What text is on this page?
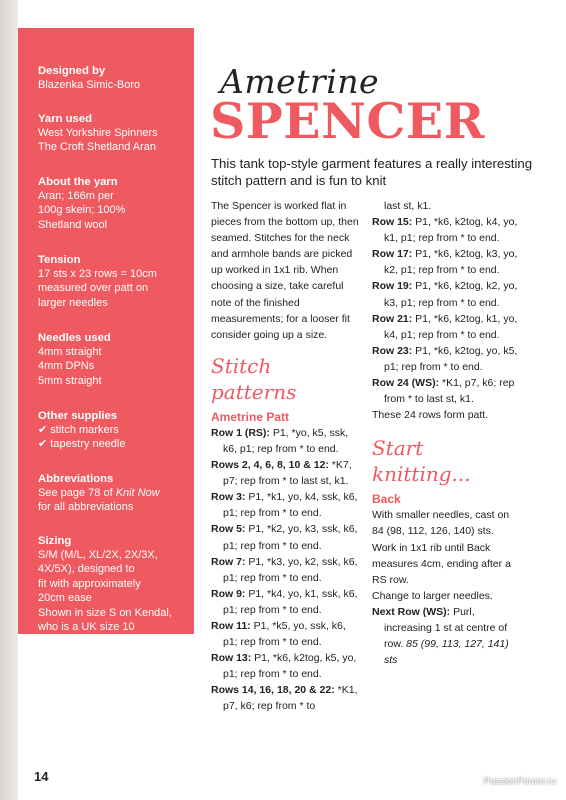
Designed by
Blazenka Simic-Boro
Yarn used
West Yorkshire Spinners
The Croft Shetland Aran
About the yarn
Aran; 166m per
100g skein; 100%
Shetland wool
Tension
17 sts x 23 rows = 10cm
measured over patt on
larger needles
Needles used
4mm straight
4mm DPNs
5mm straight
Other supplies
✔ stitch markers
✔ tapestry needle
Abbreviations
See page 78 of Knit Now
for all abbreviations
Sizing
S/M (M/L, XL/2X, 2X/3X,
4X/5X), designed to
fit with approximately
20cm ease
Shown in size S on Kendal,
who is a UK size 10
Ametrine
SPENCER
This tank top-style garment features a really interesting stitch pattern and is fun to knit
The Spencer is worked flat in pieces from the bottom up, then seamed. Stitches for the neck and armhole bands are picked up worked in 1x1 rib. When choosing a size, take careful note of the finished measurements; for a looser fit consider going up a size.
Stitch patterns
Ametrine Patt
Row 1 (RS): P1, *yo, k5, ssk, k6, p1; rep from * to end.
Rows 2, 4, 6, 8, 10 & 12: *K7, p7; rep from * to last st, k1.
Row 3: P1, *k1, yo, k4, ssk, k6, p1; rep from * to end.
Row 5: P1, *k2, yo, k3, ssk, k6, p1; rep from * to end.
Row 7: P1, *k3, yo, k2, ssk, k6, p1; rep from * to end.
Row 9: P1, *k4, yo, k1, ssk, k6, p1; rep from * to end.
Row 11: P1, *k5, yo, ssk, k6, p1; rep from * to end.
Row 13: P1, *k6, k2tog, k5, yo, p1; rep from * to end.
Rows 14, 16, 18, 20 & 22: *K1, p7, k6; rep from * to
last st, k1.
Row 15: P1, *k6, k2tog, k4, yo, k1, p1; rep from * to end.
Row 17: P1, *k6, k2tog, k3, yo, k2, p1; rep from * to end.
Row 19: P1, *k6, k2tog, k2, yo, k3, p1; rep from * to end.
Row 21: P1, *k6, k2tog, k1, yo, k4, p1; rep from * to end.
Row 23: P1, *k6, k2tog, yo, k5, p1; rep from * to end.
Row 24 (WS): *K1, p7, k6; rep from * to last st, k1.
These 24 rows form patt.
Start knitting...
Back
With smaller needles, cast on 84 (98, 112, 126, 140) sts.
Work in 1x1 rib until Back measures 4cm, ending after a RS row.
Change to larger needles.
Next Row (WS): Purl, increasing 1 st at centre of row. 85 (99, 113, 127, 141) sts
14	PassionForum.ru
